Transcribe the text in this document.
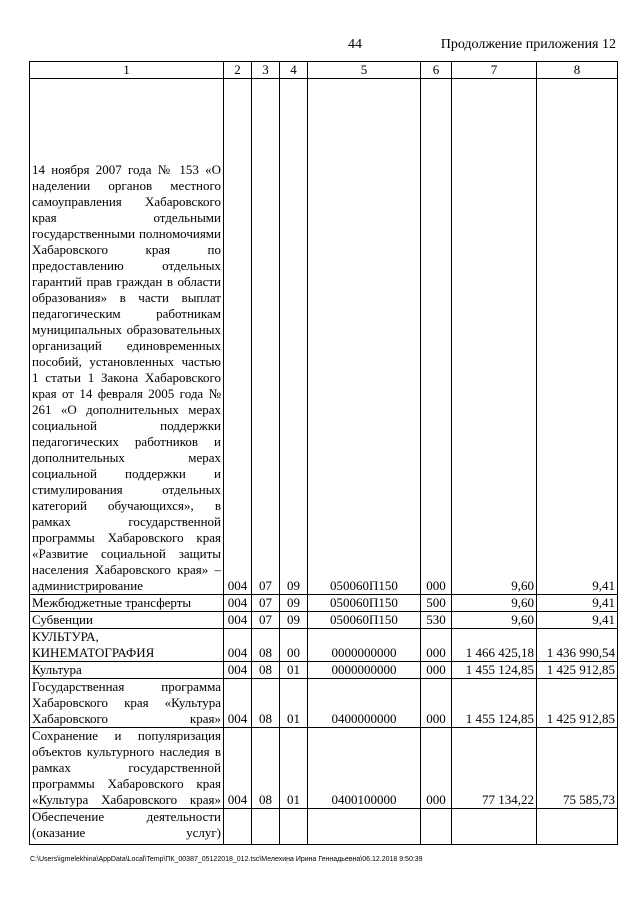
44	Продолжение приложения 12
1	2	3	4	5	6	7	8
14 ноября 2007 года № 153 «О наделении органов местного самоуправления Хабаровского края отдельными государственными полномочиями Хабаровского края по предоставлению отдельных гарантий прав граждан в области образования» в части выплат педагогическим работникам муниципальных образовательных организаций единовременных пособий, установленных частью 1 статьи 1 Закона Хабаровского края от 14 февраля 2005 года № 261 «О дополнительных мерах социальной поддержки педагогических работников и дополнительных мерах социальной поддержки и стимулирования отдельных категорий обучающихся», в рамках государственной программы Хабаровского края «Развитие социальной защиты населения Хабаровского края» – администрирование	004	07	09	050060П150	000	9,60	9,41
Межбюджетные трансферты	004	07	09	050060П150	500	9,60	9,41
Субвенции	004	07	09	050060П150	530	9,60	9,41
КУЛЬТУРА, КИНЕМАТОГРАФИЯ	004	08	00	0000000000	000	1 466 425,18	1 436 990,54
Культура	004	08	01	0000000000	000	1 455 124,85	1 425 912,85
Государственная программа Хабаровского края «Культура Хабаровского края»	004	08	01	0400000000	000	1 455 124,85	1 425 912,85
Сохранение и популяризация объектов культурного наследия в рамках государственной программы Хабаровского края «Культура Хабаровского края»	004	08	01	0400100000	000	77 134,22	75 585,73
Обеспечение деятельности (оказание услуг)							
C:\Users\igmelekhina\AppData\Local\Temp\ПК_00387_05122018_012.tsc\Мелехина Ирина Геннадьевна\06.12.2018 9:50:39
